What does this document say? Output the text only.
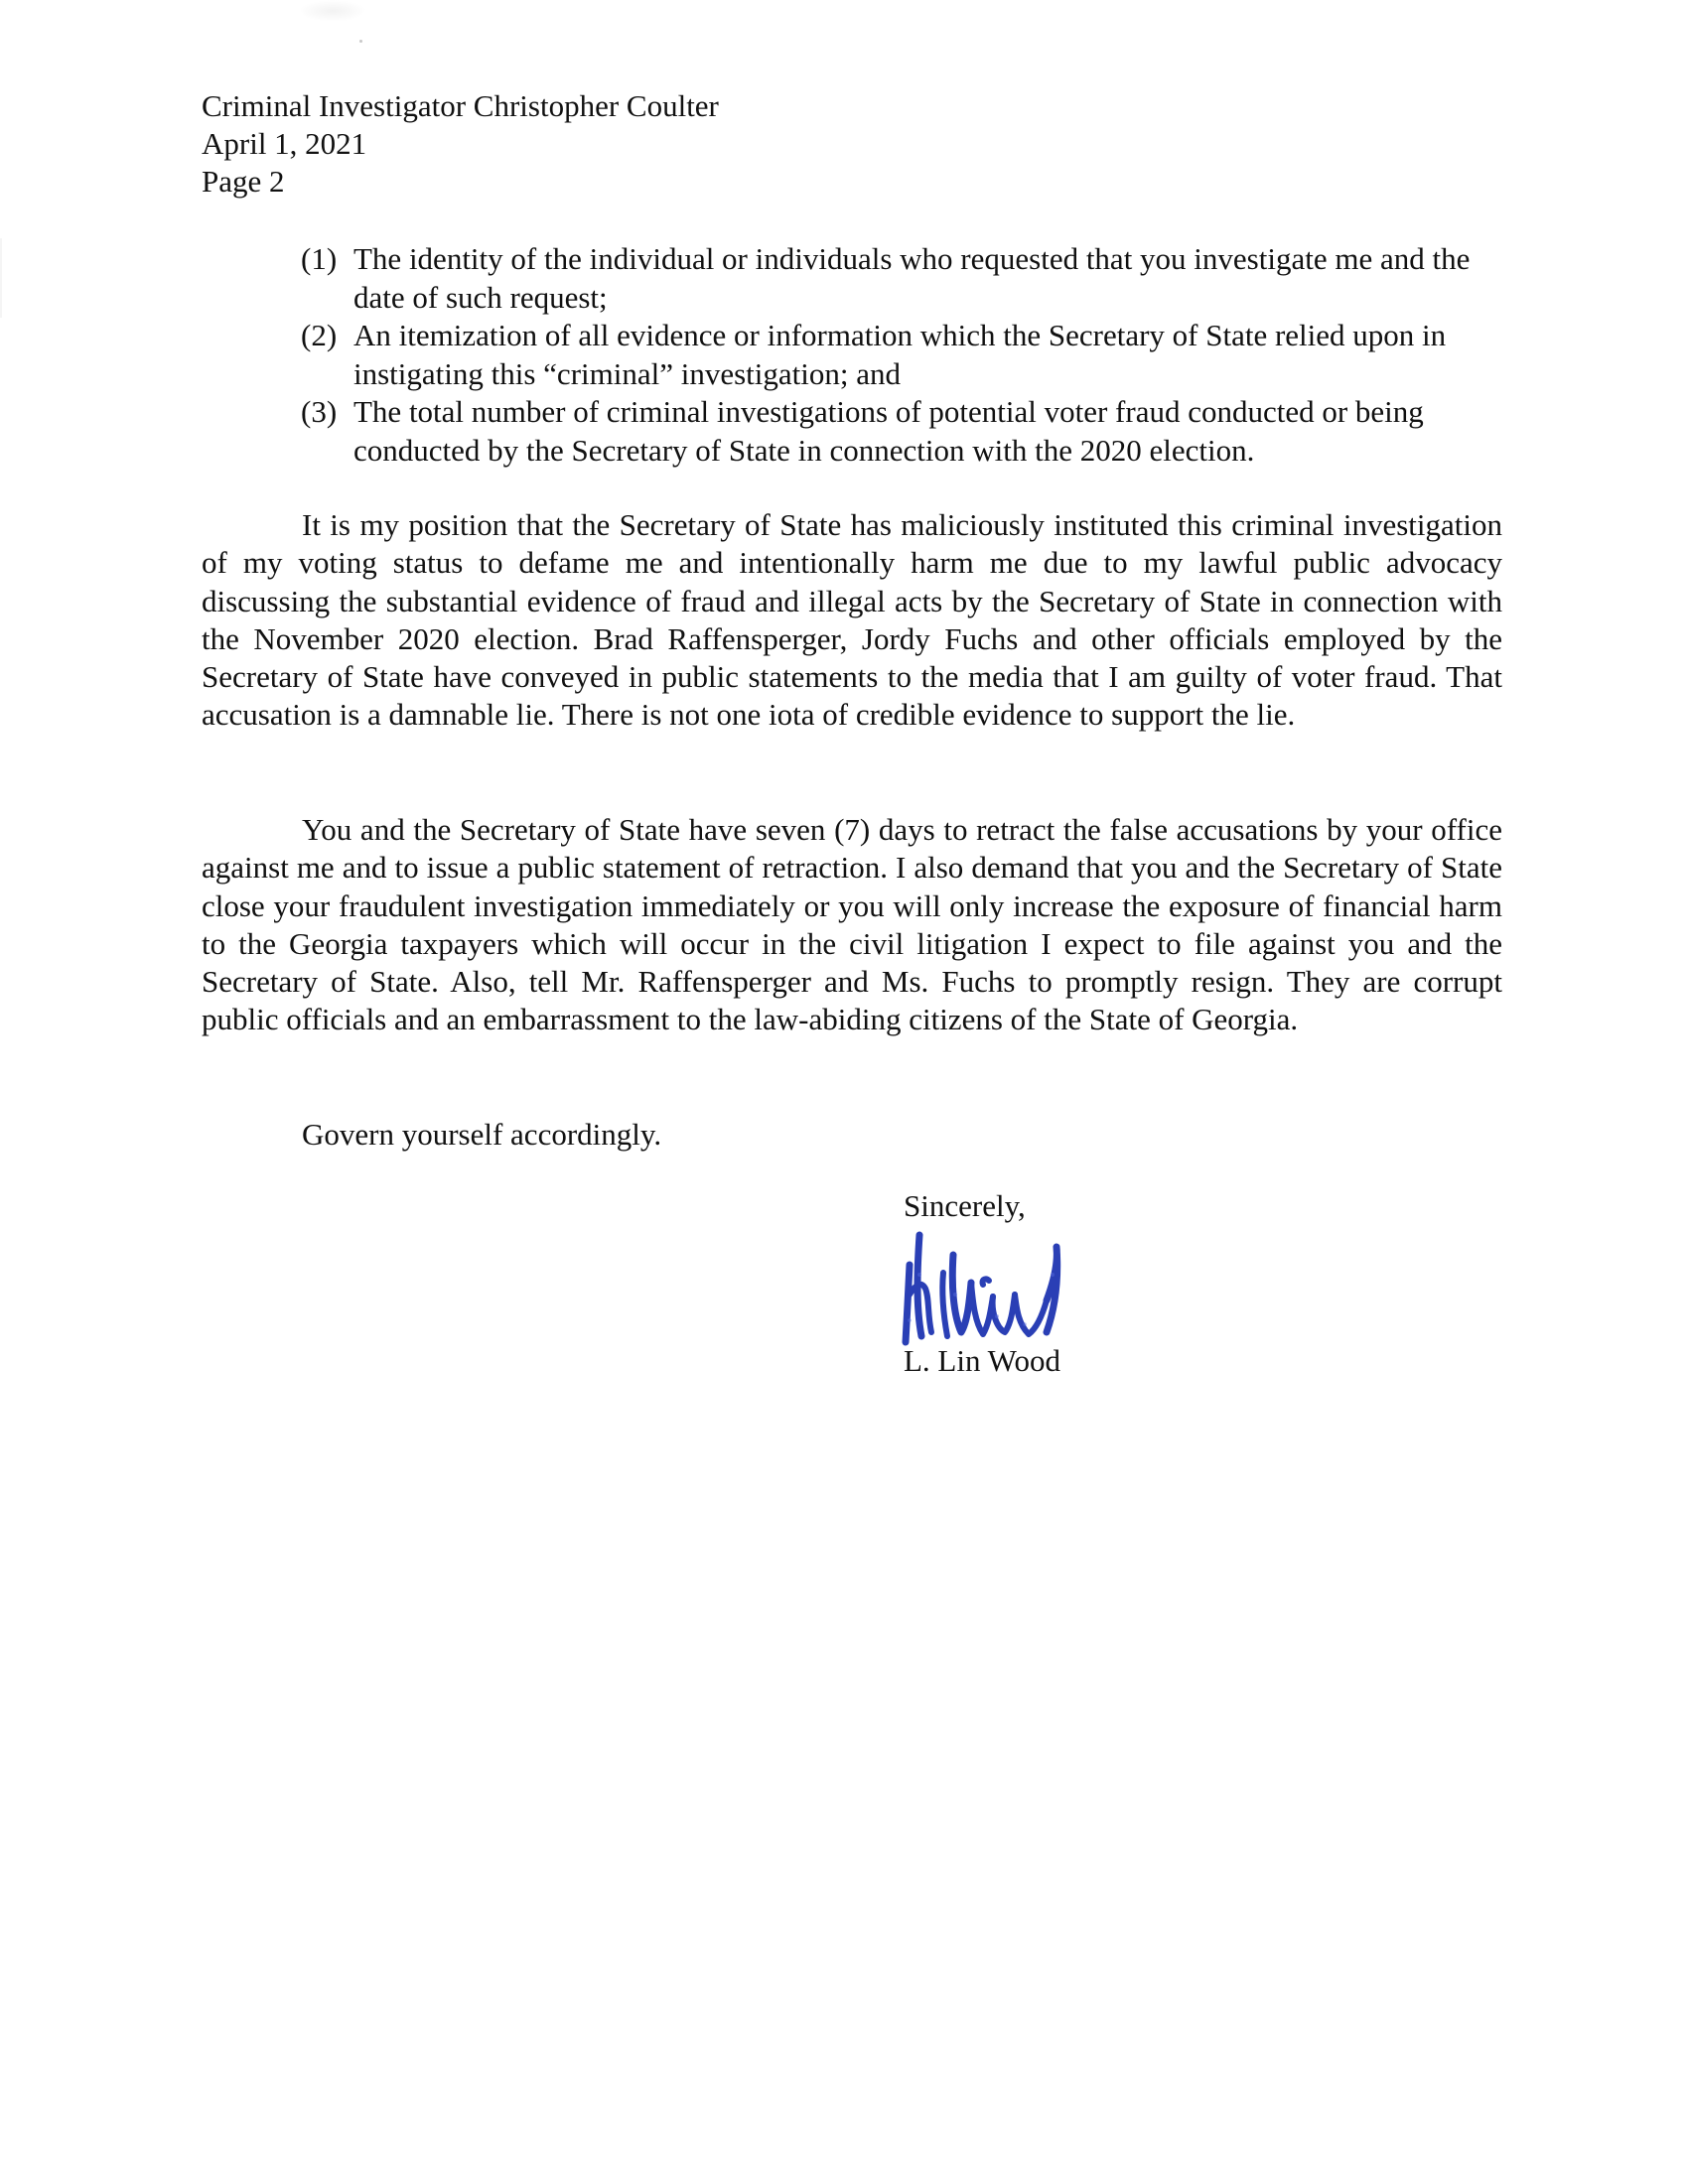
Criminal Investigator Christopher Coulter
April 1, 2021
Page 2
(1) The identity of the individual or individuals who requested that you investigate me and the date of such request;
(2) An itemization of all evidence or information which the Secretary of State relied upon in instigating this “criminal” investigation; and
(3) The total number of criminal investigations of potential voter fraud conducted or being conducted by the Secretary of State in connection with the 2020 election.

It is my position that the Secretary of State has maliciously instituted this criminal investigation of my voting status to defame me and intentionally harm me due to my lawful public advocacy discussing the substantial evidence of fraud and illegal acts by the Secretary of State in connection with the November 2020 election. Brad Raffensperger, Jordy Fuchs and other officials employed by the Secretary of State have conveyed in public statements to the media that I am guilty of voter fraud. That accusation is a damnable lie. There is not one iota of credible evidence to support the lie.

You and the Secretary of State have seven (7) days to retract the false accusations by your office against me and to issue a public statement of retraction. I also demand that you and the Secretary of State close your fraudulent investigation immediately or you will only increase the exposure of financial harm to the Georgia taxpayers which will occur in the civil litigation I expect to file against you and the Secretary of State. Also, tell Mr. Raffensperger and Ms. Fuchs to promptly resign. They are corrupt public officials and an embarrassment to the law-abiding citizens of the State of Georgia.

Govern yourself accordingly.
Sincerely,
L. Lin Wood
